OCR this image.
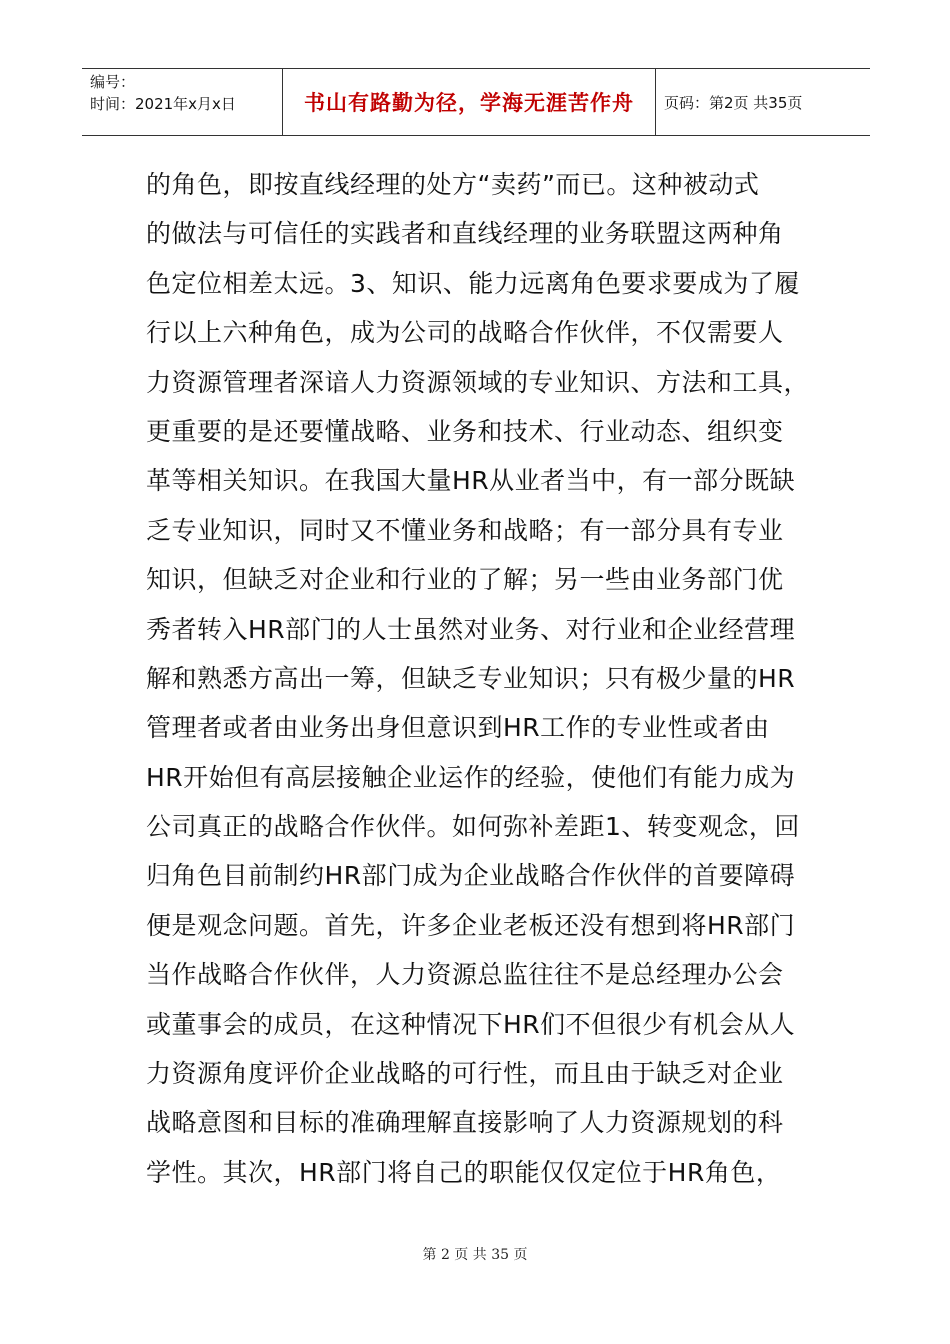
编号：
时间：2021年x月x日	书山有路勤为径，学海无涯苦作舟	页码：第2页 共35页
的角色，即按直线经理的处方“卖药”而已。这种被动式
的做法与可信任的实践者和直线经理的业务联盟这两种角
色定位相差太远。3、知识、能力远离角色要求要成为了履
行以上六种角色，成为公司的战略合作伙伴，不仅需要人
力资源管理者深谙人力资源领域的专业知识、方法和工具，
更重要的是还要懂战略、业务和技术、行业动态、组织变
革等相关知识。在我国大量HR从业者当中，有一部分既缺
乏专业知识，同时又不懂业务和战略；有一部分具有专业
知识，但缺乏对企业和行业的了解；另一些由业务部门优
秀者转入HR部门的人士虽然对业务、对行业和企业经营理
解和熟悉方高出一筹，但缺乏专业知识；只有极少量的HR
管理者或者由业务出身但意识到HR工作的专业性或者由
HR开始但有高层接触企业运作的经验，使他们有能力成为
公司真正的战略合作伙伴。如何弥补差距1、转变观念，回
归角色目前制约HR部门成为企业战略合作伙伴的首要障碍
便是观念问题。首先，许多企业老板还没有想到将HR部门
当作战略合作伙伴，人力资源总监往往不是总经理办公会
或董事会的成员，在这种情况下HR们不但很少有机会从人
力资源角度评价企业战略的可行性，而且由于缺乏对企业
战略意图和目标的准确理解直接影响了人力资源规划的科
学性。其次，HR部门将自己的职能仅仅定位于HR角色，
第 2 页 共 35 页
